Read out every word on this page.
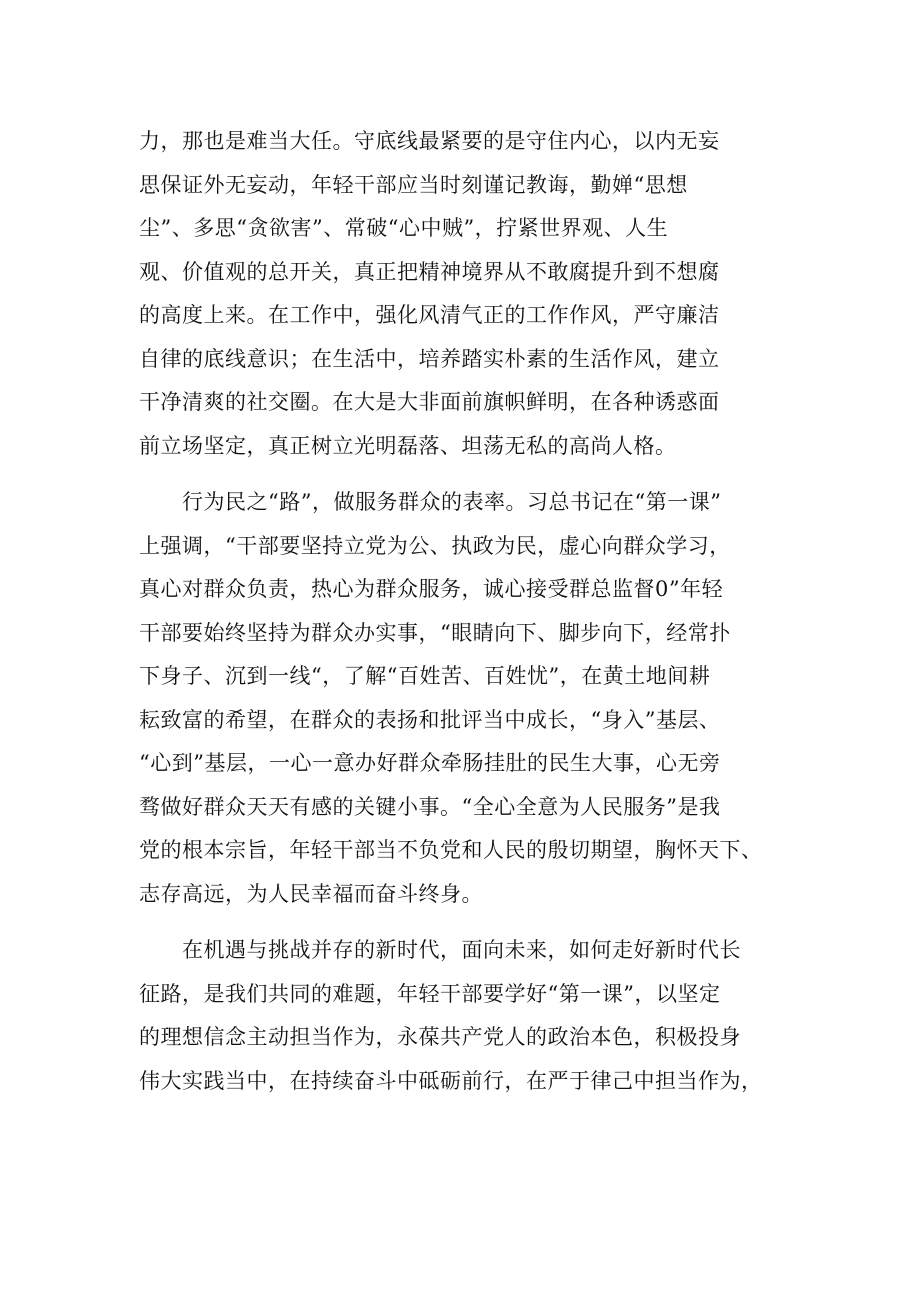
力，那也是难当大任。守底线最紧要的是守住内心，以内无妄
思保证外无妄动，年轻干部应当时刻谨记教诲，勤婵“思想
尘”、多思“贪欲害”、常破“心中贼”，拧紧世界观、人生
观、价值观的总开关，真正把精神境界从不敢腐提升到不想腐
的高度上来。在工作中，强化风清气正的工作作风，严守廉洁
自律的底线意识；在生活中，培养踏实朴素的生活作风，建立
干净清爽的社交圈。在大是大非面前旗帜鲜明，在各种诱惑面
前立场坚定，真正树立光明磊落、坦荡无私的高尚人格。
　　行为民之“路”，做服务群众的表率。习总书记在“第一课”
上强调，“干部要坚持立党为公、执政为民，虚心向群众学习，
真心对群众负责，热心为群众服务，诚心接受群总监督0”年轻
干部要始终坚持为群众办实事，“眼睛向下、脚步向下，经常扑
下身子、沉到一线“，了解“百姓苦、百姓忧”，在黄土地间耕
耘致富的希望，在群众的表扬和批评当中成长，“身入”基层、
“心到”基层，一心一意办好群众牵肠挂肚的民生大事，心无旁
骛做好群众天天有感的关键小事。“全心全意为人民服务”是我
党的根本宗旨，年轻干部当不负党和人民的殷切期望，胸怀天下、
志存高远，为人民幸福而奋斗终身。
　　在机遇与挑战并存的新时代，面向未来，如何走好新时代长
征路，是我们共同的难题，年轻干部要学好“第一课”，以坚定
的理想信念主动担当作为，永葆共产党人的政治本色，积极投身
伟大实践当中，在持续奋斗中砥砺前行，在严于律己中担当作为，
